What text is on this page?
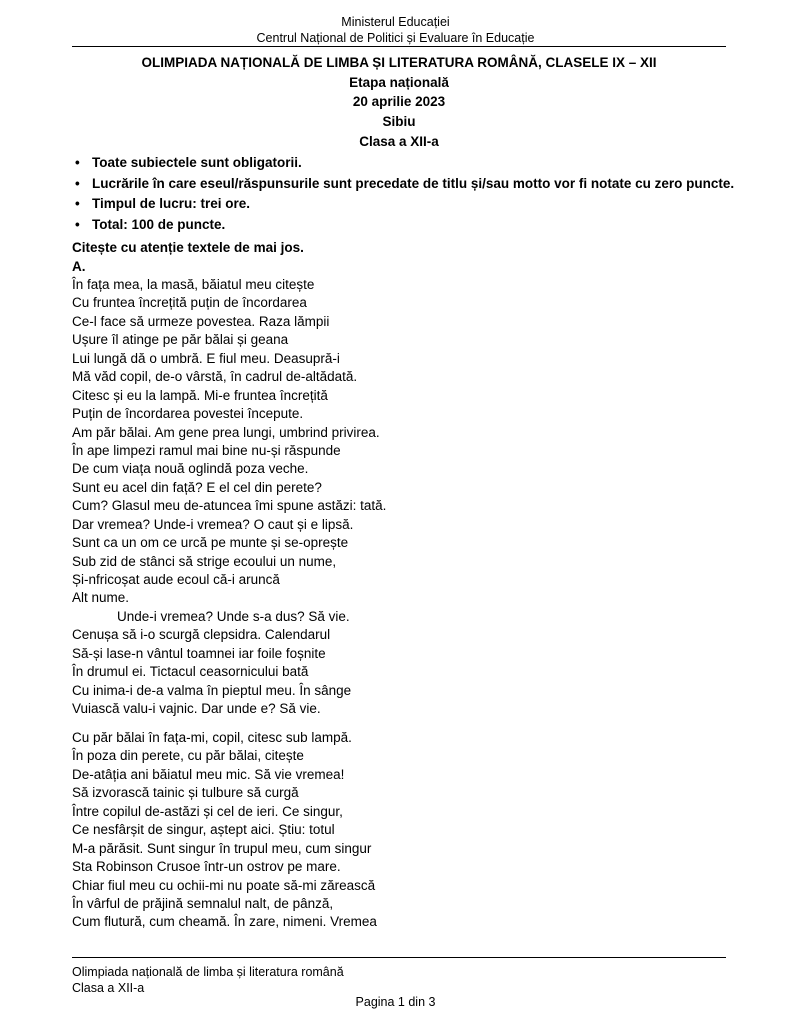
Ministerul Educației
Centrul Național de Politici și Evaluare în Educație
OLIMPIADA NAȚIONALĂ DE LIMBA ȘI LITERATURA ROMÂNĂ, CLASELE IX – XII
Etapa națională
20 aprilie 2023
Sibiu
Clasa a XII-a
• Toate subiectele sunt obligatorii.
• Lucrările în care eseul/răspunsurile sunt precedate de titlu și/sau motto vor fi notate cu zero puncte.
• Timpul de lucru: trei ore.
• Total: 100 de puncte.
Citește cu atenție textele de mai jos.
A.
În fața mea, la masă, băiatul meu citește
Cu fruntea încrețită puțin de încordarea
Ce-l face să urmeze povestea. Raza lămpii
Ușure îl atinge pe păr bălai și geana
Lui lungă dă o umbră. E fiul meu. Deasupră-i
Mă văd copil, de-o vârstă, în cadrul de-altădată.
Citesc și eu la lampă. Mi-e fruntea încrețită
Puțin de încordarea povestei începute.
Am păr bălai. Am gene prea lungi, umbrind privirea.
În ape limpezi ramul mai bine nu-și răspunde
De cum viața nouă oglindă poza veche.
Sunt eu acel din față? E el cel din perete?
Cum? Glasul meu de-atuncea îmi spune astăzi: tată.
Dar vremea? Unde-i vremea? O caut și e lipsă.
Sunt ca un om ce urcă pe munte și se-oprește
Sub zid de stânci să strige ecoului un nume,
Și-nfricoșat aude ecoul că-i aruncă
Alt nume.
Unde-i vremea? Unde s-a dus? Să vie.
Cenușa să i-o scurgă clepsidra. Calendarul
Să-și lase-n vântul toamnei iar foile foșnite
În drumul ei. Tictacul ceasornicului bată
Cu inima-i de-a valma în pieptul meu. În sânge
Vuiască valu-i vajnic. Dar unde e? Să vie.
Cu păr bălai în fața-mi, copil, citesc sub lampă.
În poza din perete, cu păr bălai, citește
De-atâția ani băiatul meu mic. Să vie vremea!
Să izvorască tainic și tulbure să curgă
Între copilul de-astăzi și cel de ieri. Ce singur,
Ce nesfârșit de singur, aștept aici. Știu: totul
M-a părăsit. Sunt singur în trupul meu, cum singur
Sta Robinson Crusoe într-un ostrov pe mare.
Chiar fiul meu cu ochii-mi nu poate să-mi zărească
În vârful de prăjină semnalul nalt, de pânză,
Cum flutură, cum cheamă. În zare, nimeni. Vremea
Olimpiada națională de limba și literatura română
Clasa a XII-a
Pagina 1 din 3
